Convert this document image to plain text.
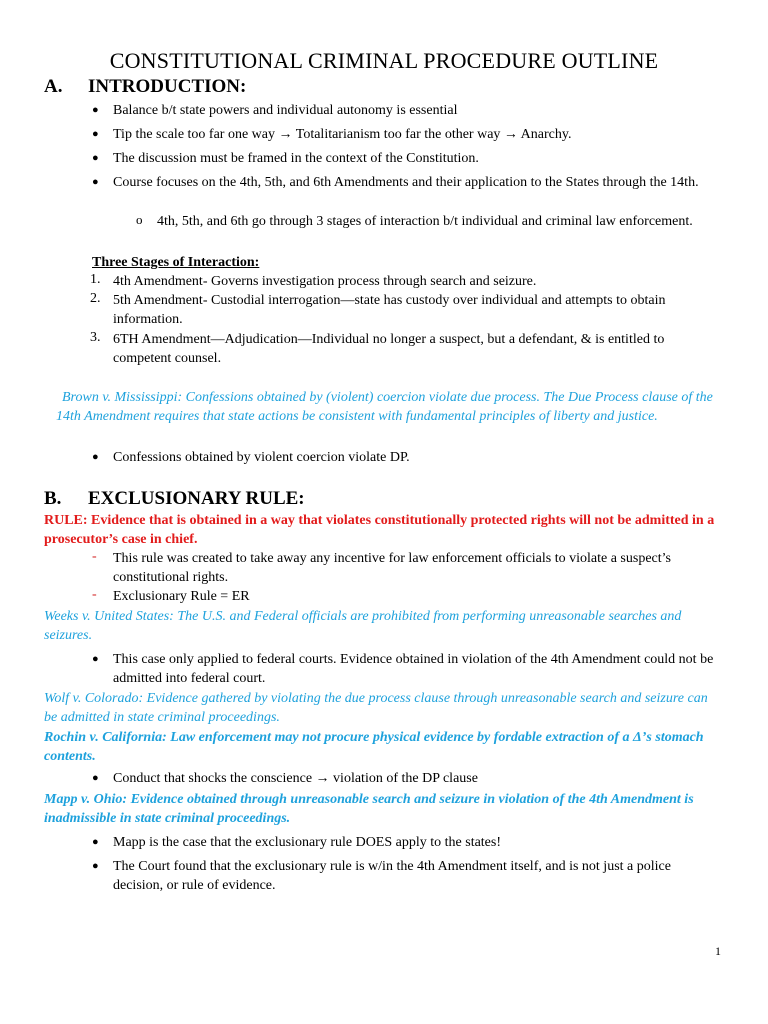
CONSTITUTIONAL CRIMINAL PROCEDURE OUTLINE
A. INTRODUCTION:
● Balance b/t state powers and individual autonomy is essential
● Tip the scale too far one way → Totalitarianism too far the other way → Anarchy.
● The discussion must be framed in the context of the Constitution.
● Course focuses on the 4th, 5th, and 6th Amendments and their application to the States through the 14th.
o 4th, 5th, and 6th go through 3 stages of interaction b/t individual and criminal law enforcement.
Three Stages of Interaction:
1. 4th Amendment- Governs investigation process through search and seizure.
2. 5th Amendment- Custodial interrogation—state has custody over individual and attempts to obtain information.
3. 6TH Amendment—Adjudication—Individual no longer a suspect, but a defendant, & is entitled to competent counsel.
Brown v. Mississippi: Confessions obtained by (violent) coercion violate due process. The Due Process clause of the 14th Amendment requires that state actions be consistent with fundamental principles of liberty and justice.
● Confessions obtained by violent coercion violate DP.
B. EXCLUSIONARY RULE:
RULE: Evidence that is obtained in a way that violates constitutionally protected rights will not be admitted in a prosecutor’s case in chief.
- This rule was created to take away any incentive for law enforcement officials to violate a suspect’s constitutional rights.
- Exclusionary Rule = ER
Weeks v. United States: The U.S. and Federal officials are prohibited from performing unreasonable searches and seizures.
● This case only applied to federal courts. Evidence obtained in violation of the 4th Amendment could not be admitted into federal court.
Wolf v. Colorado: Evidence gathered by violating the due process clause through unreasonable search and seizure can be admitted in state criminal proceedings.
Rochin v. California: Law enforcement may not procure physical evidence by fordable extraction of a Δ’s stomach contents.
● Conduct that shocks the conscience → violation of the DP clause
Mapp v. Ohio: Evidence obtained through unreasonable search and seizure in violation of the 4th Amendment is inadmissible in state criminal proceedings.
● Mapp is the case that the exclusionary rule DOES apply to the states!
● The Court found that the exclusionary rule is w/in the 4th Amendment itself, and is not just a police decision, or rule of evidence.
1
